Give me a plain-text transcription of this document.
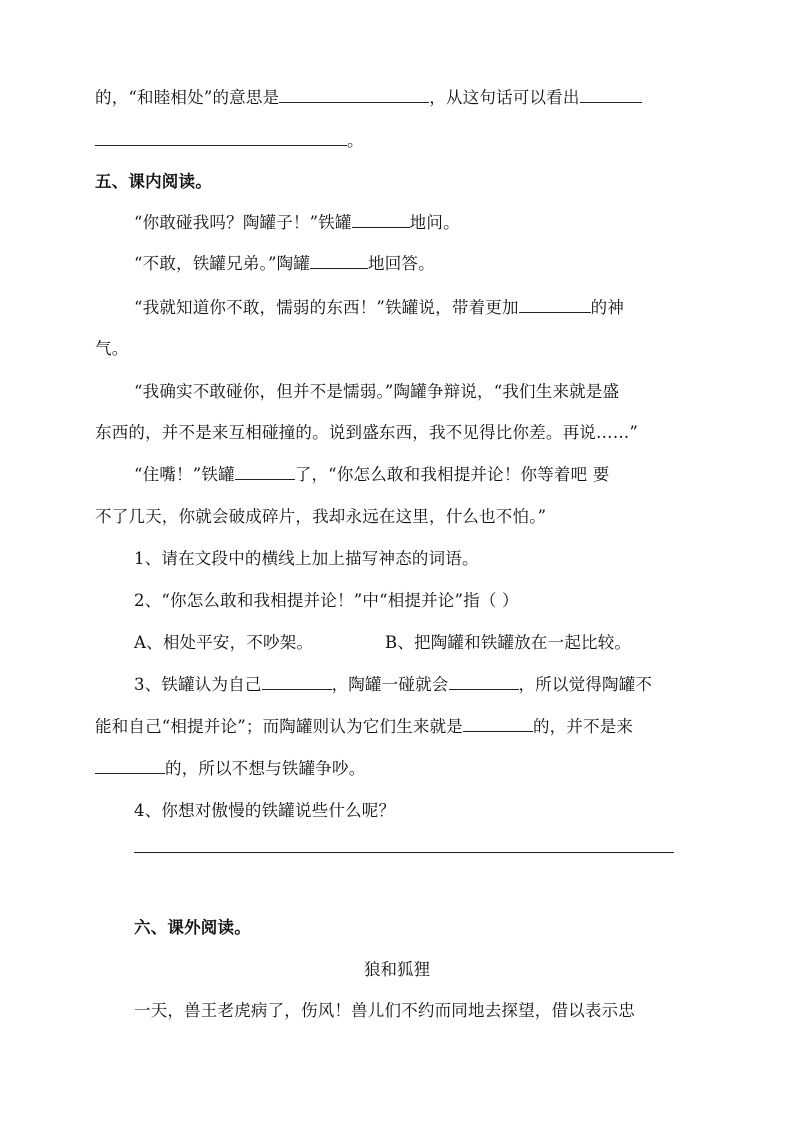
的，“和睦相处”的意思是	，从这句话可以看出
。
五、课内阅读。
“你敢碰我吗？陶罐子！”铁罐	地问。
“不敢，铁罐兄弟。”陶罐	地回答。
“我就知道你不敢，懦弱的东西！”铁罐说，带着更加	的神
气。
“我确实不敢碰你，但并不是懦弱。”陶罐争辩说，“我们生来就是盛
东西的，并不是来互相碰撞的。说到盛东西，我不见得比你差。再说……”
“住嘴！”铁罐	了，“你怎么敢和我相提并论！你等着吧 要
不了几天，你就会破成碎片，我却永远在这里，什么也不怕。”
1、请在文段中的横线上加上描写神态的词语。
2、“你怎么敢和我相提并论！”中“相提并论”指（ ）
A、相处平安，不吵架。	B、把陶罐和铁罐放在一起比较。
3、铁罐认为自己	，陶罐一碰就会	，所以觉得陶罐不
能和自己“相提并论”；而陶罐则认为它们生来就是	的，并不是来
的，所以不想与铁罐争吵。
4、你想对傲慢的铁罐说些什么呢？
六、课外阅读。
狼和狐狸
一天，兽王老虎病了，伤风！兽儿们不约而同地去探望，借以表示忠
